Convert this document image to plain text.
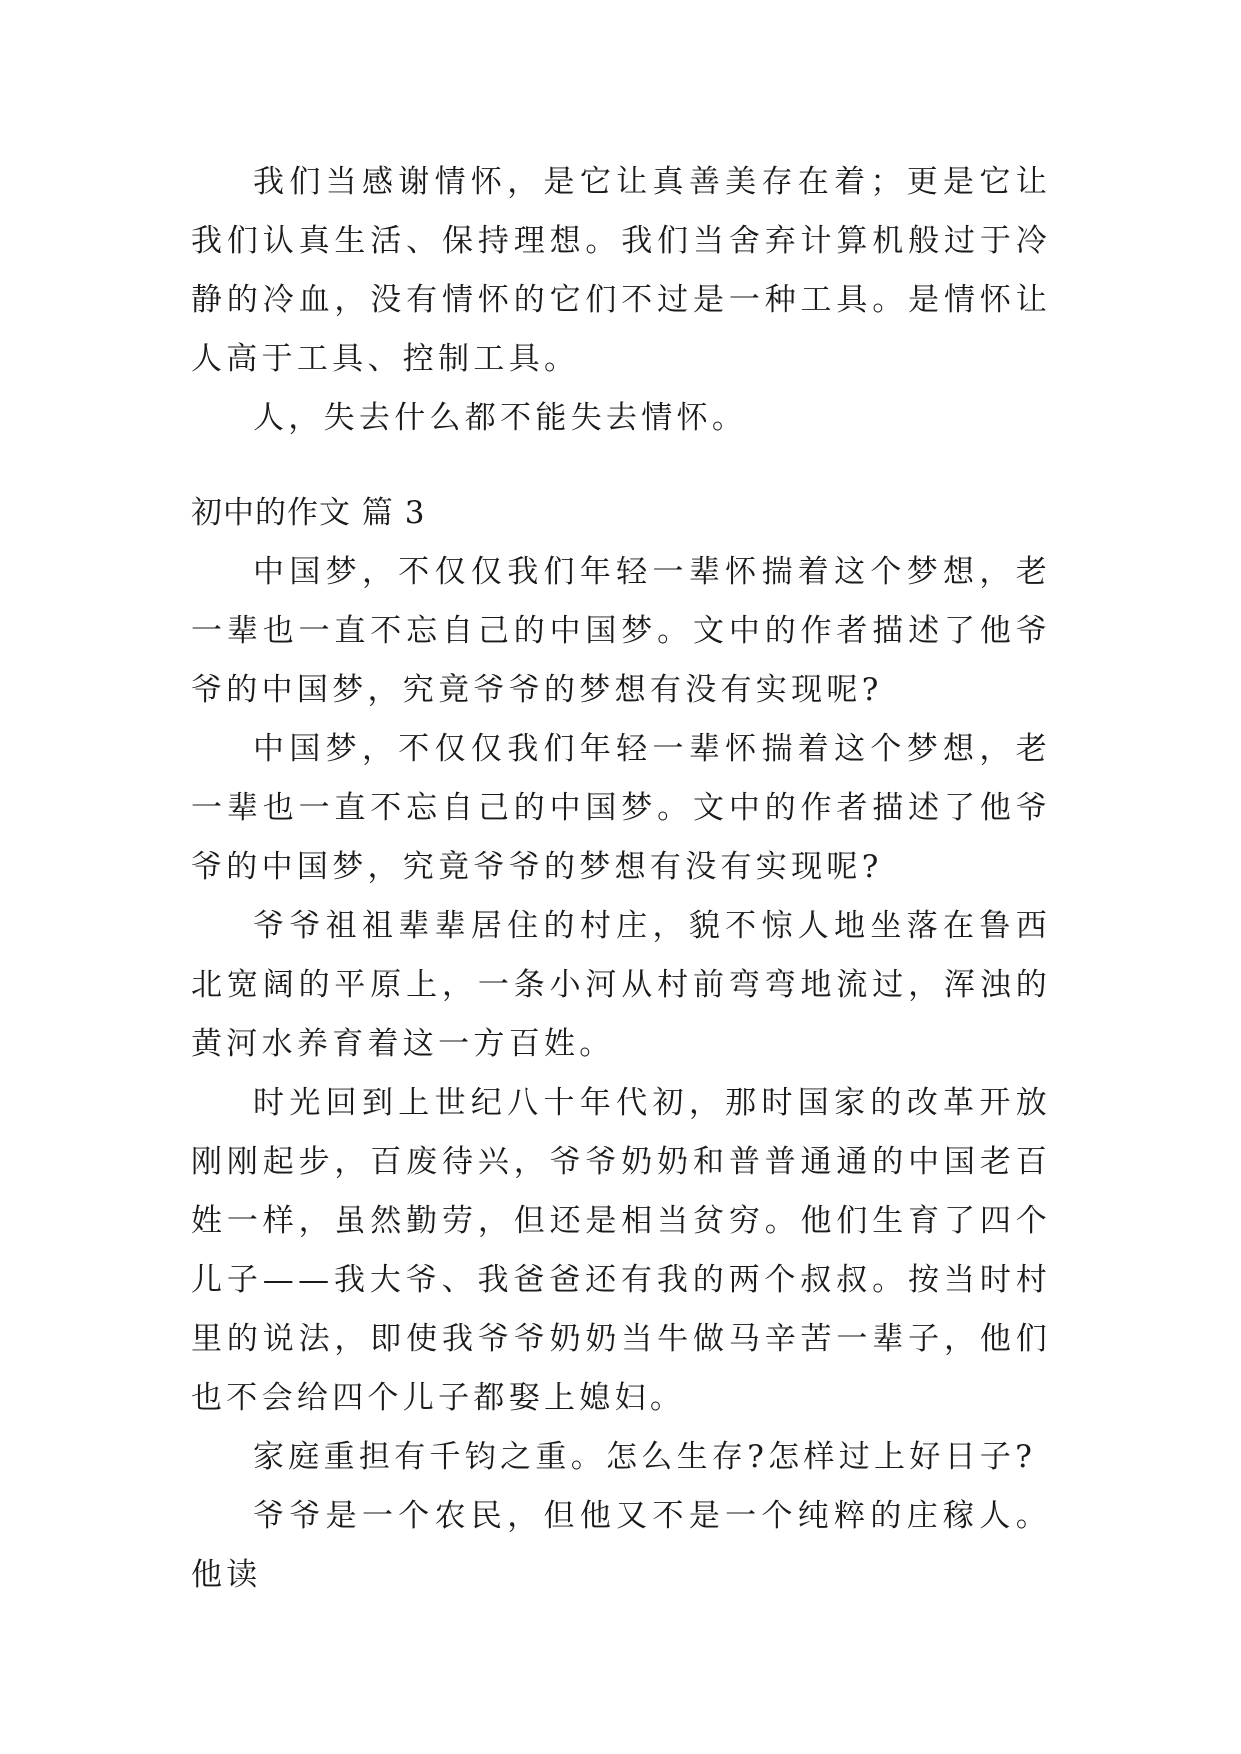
我们当感谢情怀，是它让真善美存在着；更是它让我们认真生活、保持理想。我们当舍弃计算机般过于冷静的冷血，没有情怀的它们不过是一种工具。是情怀让人高于工具、控制工具。

人，失去什么都不能失去情怀。

初中的作文 篇 3

中国梦，不仅仅我们年轻一辈怀揣着这个梦想，老一辈也一直不忘自己的中国梦。文中的作者描述了他爷爷的中国梦，究竟爷爷的梦想有没有实现呢?

中国梦，不仅仅我们年轻一辈怀揣着这个梦想，老一辈也一直不忘自己的中国梦。文中的作者描述了他爷爷的中国梦，究竟爷爷的梦想有没有实现呢?

爷爷祖祖辈辈居住的村庄，貌不惊人地坐落在鲁西北宽阔的平原上，一条小河从村前弯弯地流过，浑浊的黄河水养育着这一方百姓。

时光回到上世纪八十年代初，那时国家的改革开放刚刚起步，百废待兴，爷爷奶奶和普普通通的中国老百姓一样，虽然勤劳，但还是相当贫穷。他们生育了四个儿子——我大爷、我爸爸还有我的两个叔叔。按当时村里的说法，即使我爷爷奶奶当牛做马辛苦一辈子，他们也不会给四个儿子都娶上媳妇。

家庭重担有千钧之重。怎么生存?怎样过上好日子?

爷爷是一个农民，但他又不是一个纯粹的庄稼人。他读
